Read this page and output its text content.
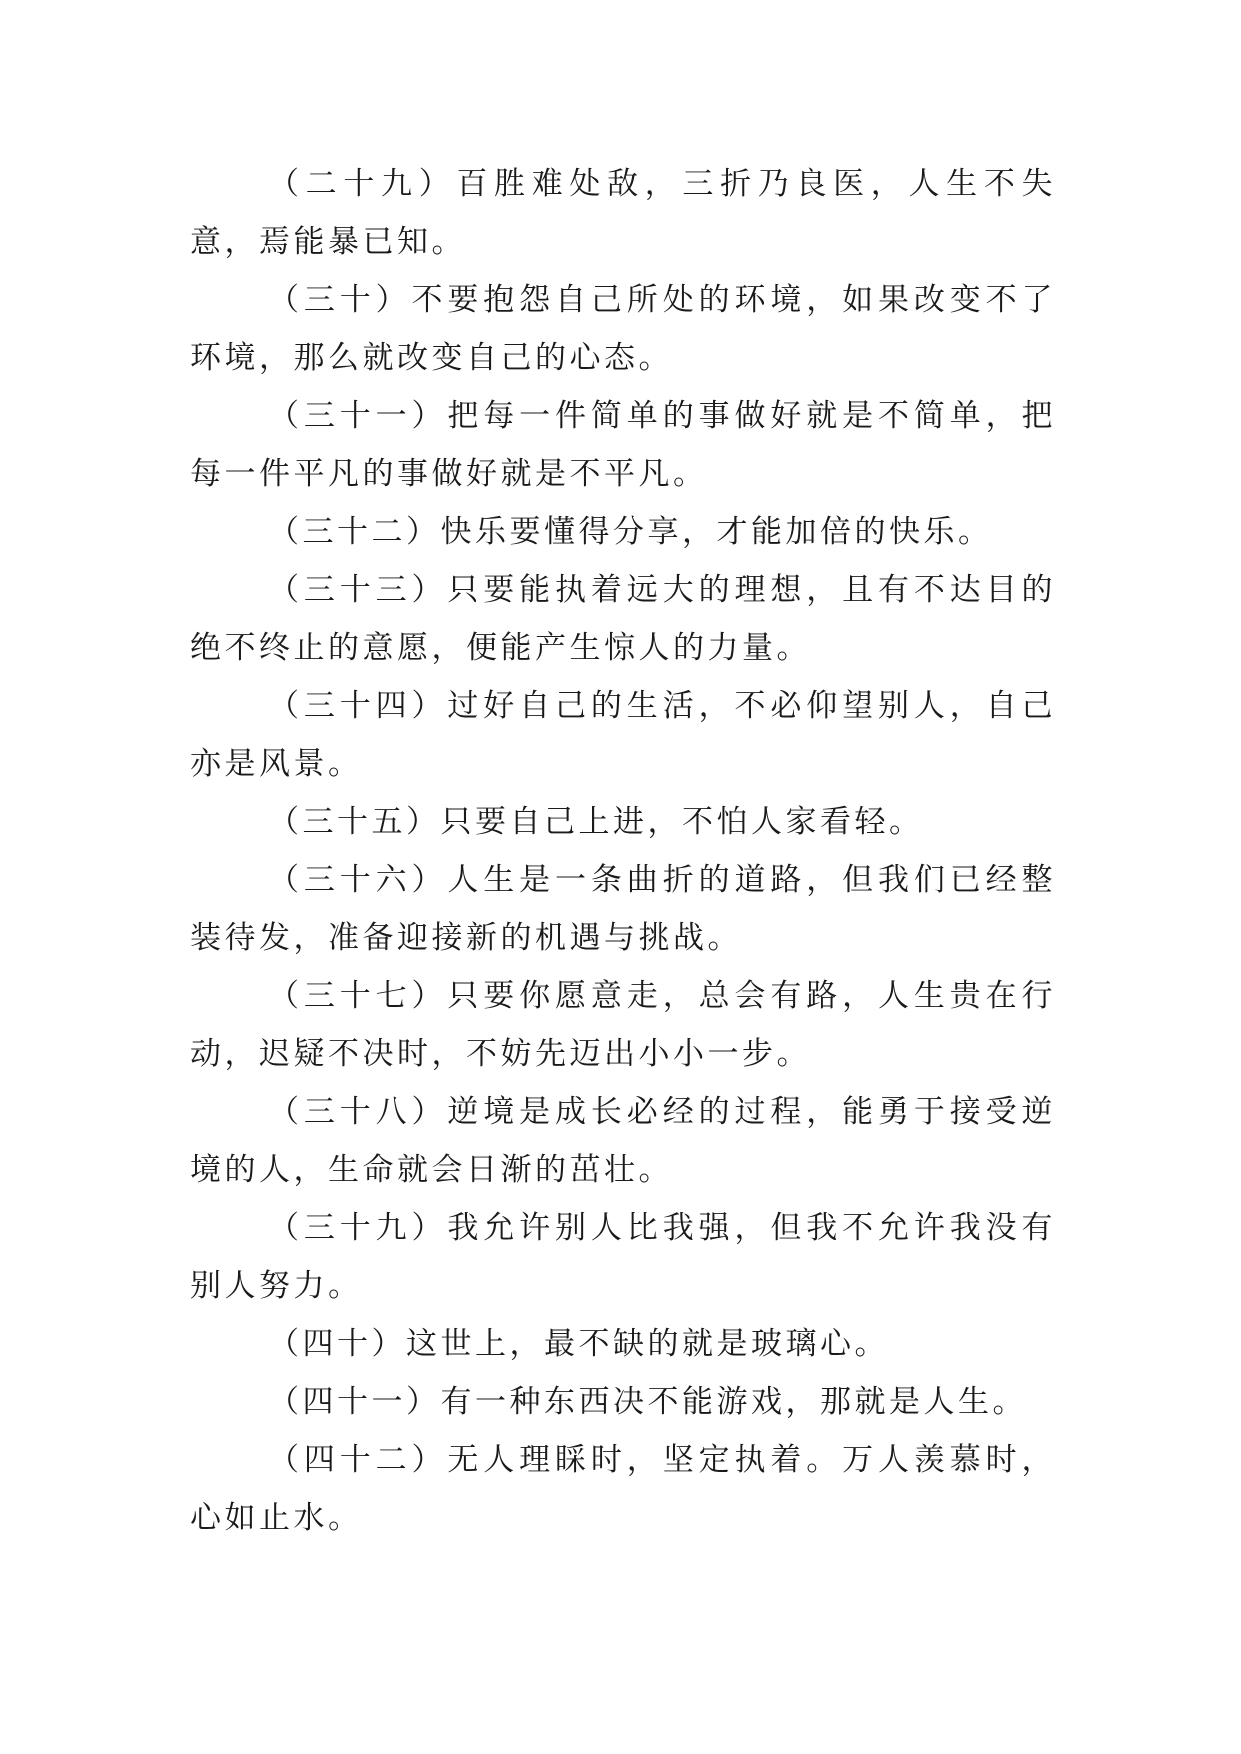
（二十九）百胜难处敌，三折乃良医，人生不失意，焉能暴已知。

（三十）不要抱怨自己所处的环境，如果改变不了环境，那么就改变自己的心态。

（三十一）把每一件简单的事做好就是不简单，把每一件平凡的事做好就是不平凡。

（三十二）快乐要懂得分享，才能加倍的快乐。

（三十三）只要能执着远大的理想，且有不达目的绝不终止的意愿，便能产生惊人的力量。

（三十四）过好自己的生活，不必仰望别人，自己亦是风景。

（三十五）只要自己上进，不怕人家看轻。

（三十六）人生是一条曲折的道路，但我们已经整装待发，准备迎接新的机遇与挑战。

（三十七）只要你愿意走，总会有路，人生贵在行动，迟疑不决时，不妨先迈出小小一步。

（三十八）逆境是成长必经的过程，能勇于接受逆境的人，生命就会日渐的茁壮。

（三十九）我允许别人比我强，但我不允许我没有别人努力。

（四十）这世上，最不缺的就是玻璃心。

（四十一）有一种东西决不能游戏，那就是人生。

（四十二）无人理睬时，坚定执着。万人羡慕时，心如止水。
